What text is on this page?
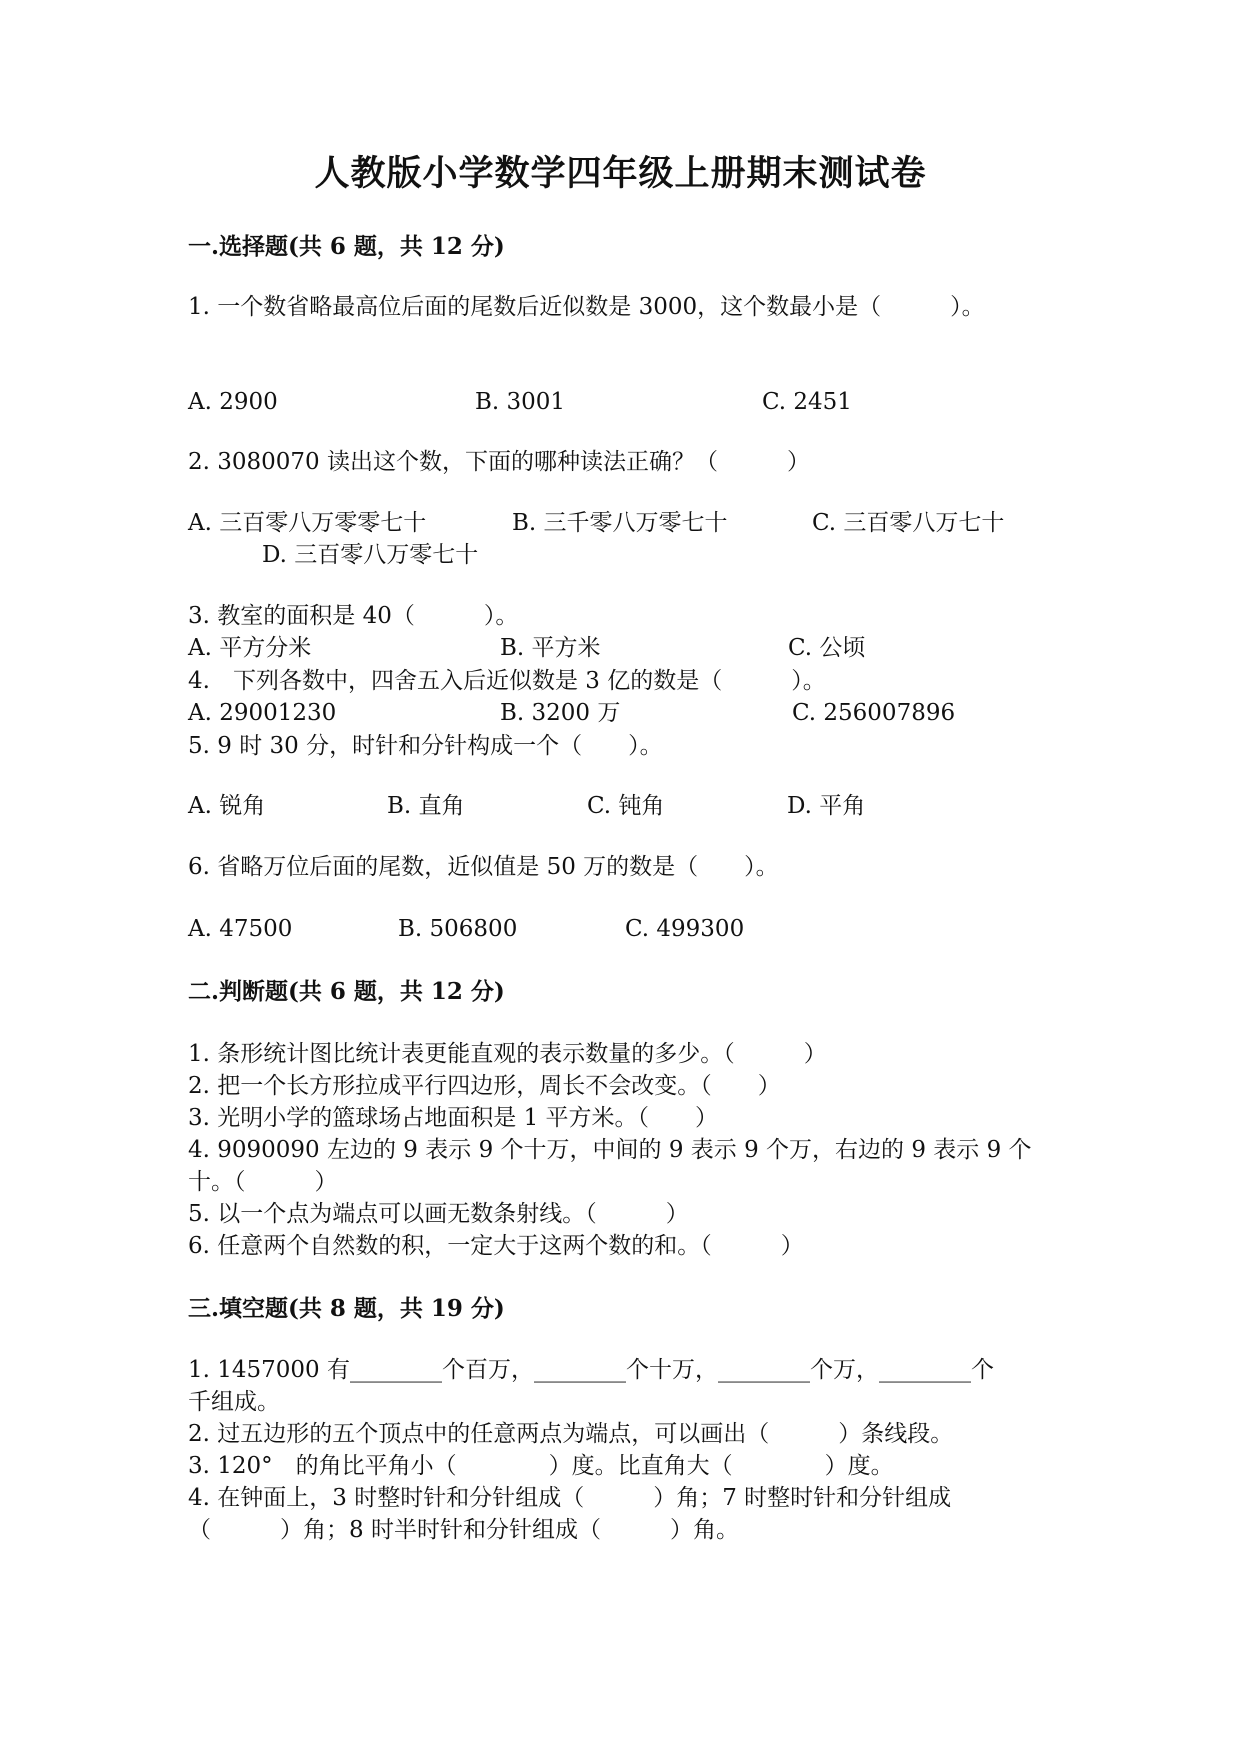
人教版小学数学四年级上册期末测试卷
一.选择题(共 6 题，共 12 分)
1. 一个数省略最高位后面的尾数后近似数是 3000，这个数最小是（　　　）。
A. 2900	B. 3001	C. 2451
2. 3080070 读出这个数，下面的哪种读法正确？（　　　）
A. 三百零八万零零七十	B. 三千零八万零七十	C. 三百零八万七十
D. 三百零八万零七十
3. 教室的面积是 40（　　　）。
A. 平方分米	B. 平方米	C. 公顷
4.　下列各数中，四舍五入后近似数是 3 亿的数是（　　　）。
A. 29001230	B. 3200 万	C. 256007896
5. 9 时 30 分，时针和分针构成一个（　　）。
A. 锐角	B. 直角	C. 钝角	D. 平角
6. 省略万位后面的尾数，近似值是 50 万的数是（　　）。
A. 47500	B. 506800	C. 499300
二.判断题(共 6 题，共 12 分)
1. 条形统计图比统计表更能直观的表示数量的多少。（　　　）
2. 把一个长方形拉成平行四边形，周长不会改变。（　　）
3. 光明小学的篮球场占地面积是 1 平方米。（　　）
4. 9090090 左边的 9 表示 9 个十万，中间的 9 表示 9 个万，右边的 9 表示 9 个
十。（　　　）
5. 以一个点为端点可以画无数条射线。（　　　）
6. 任意两个自然数的积，一定大于这两个数的和。（　　　）
三.填空题(共 8 题，共 19 分)
1. 1457000 有________个百万，________个十万，________个万，________个
千组成。
2. 过五边形的五个顶点中的任意两点为端点，可以画出（　　　）条线段。
3. 120°　的角比平角小（　　　　）度。比直角大（　　　　）度。
4. 在钟面上，3 时整时针和分针组成（　　　）角；7 时整时针和分针组成
（　　　）角；8 时半时针和分针组成（　　　）角。
